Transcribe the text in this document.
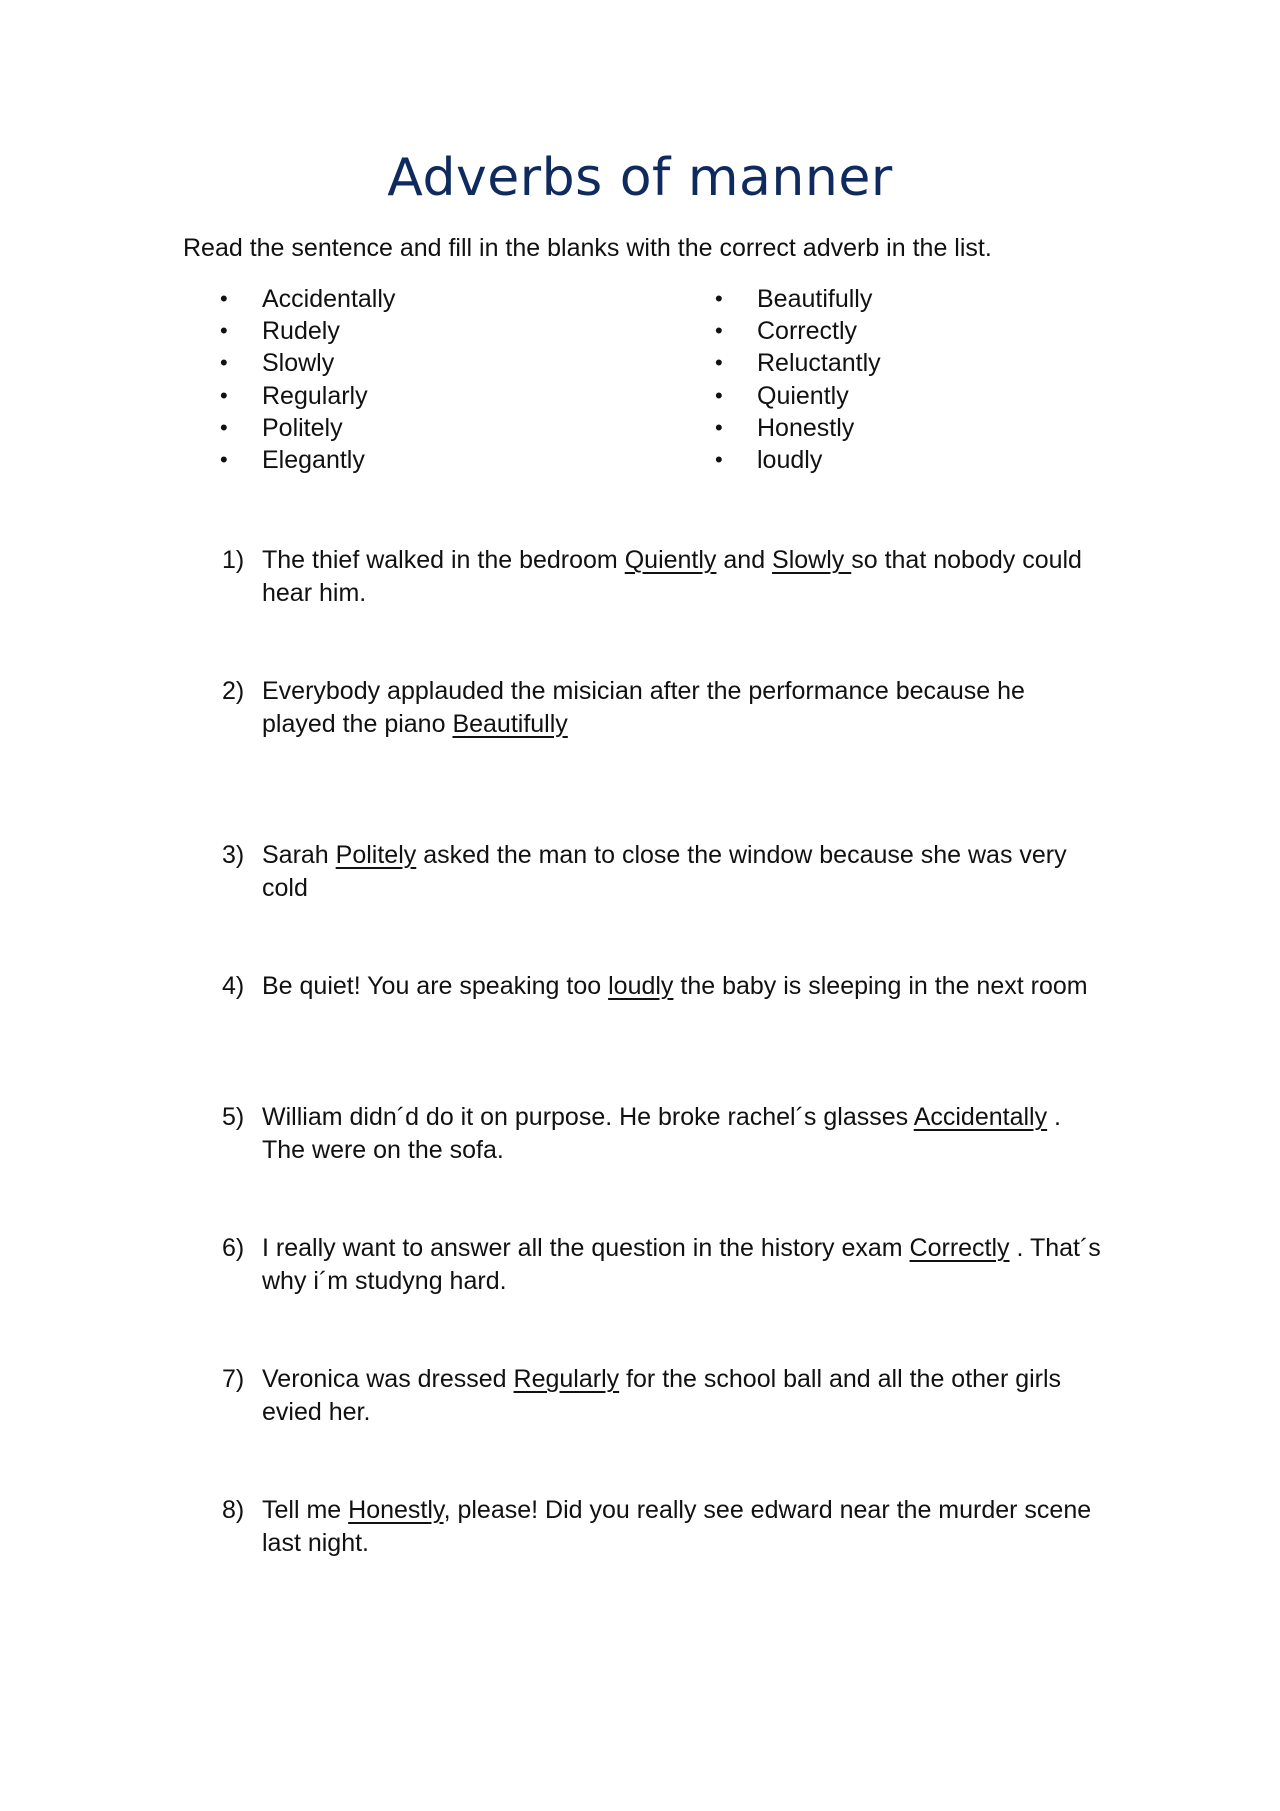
Adverbs of manner

Read the sentence and fill in the blanks with the correct adverb in the list.

• Accidentally
• Rudely
• Slowly
• Regularly
• Politely
• Elegantly
• Beautifully
• Correctly
• Reluctantly
• Quiently
• Honestly
• loudly
1) The thief walked in the bedroom Quiently and Slowly so that nobody could hear him.
2) Everybody applauded the misician after the performance because he played the piano Beautifully
3) Sarah Politely asked the man to close the window because she was very cold
4) Be quiet! You are speaking too loudly the baby is sleeping in the next room
5) William didn´d do it on purpose. He broke rachel´s glasses Accidentally . The were on the sofa.
6) I really want to answer all the question in the history exam Correctly . That´s why i´m studyng hard.
7) Veronica was dressed Regularly for the school ball and all the other girls evied her.
8) Tell me Honestly, please! Did you really see edward near the murder scene last night.
